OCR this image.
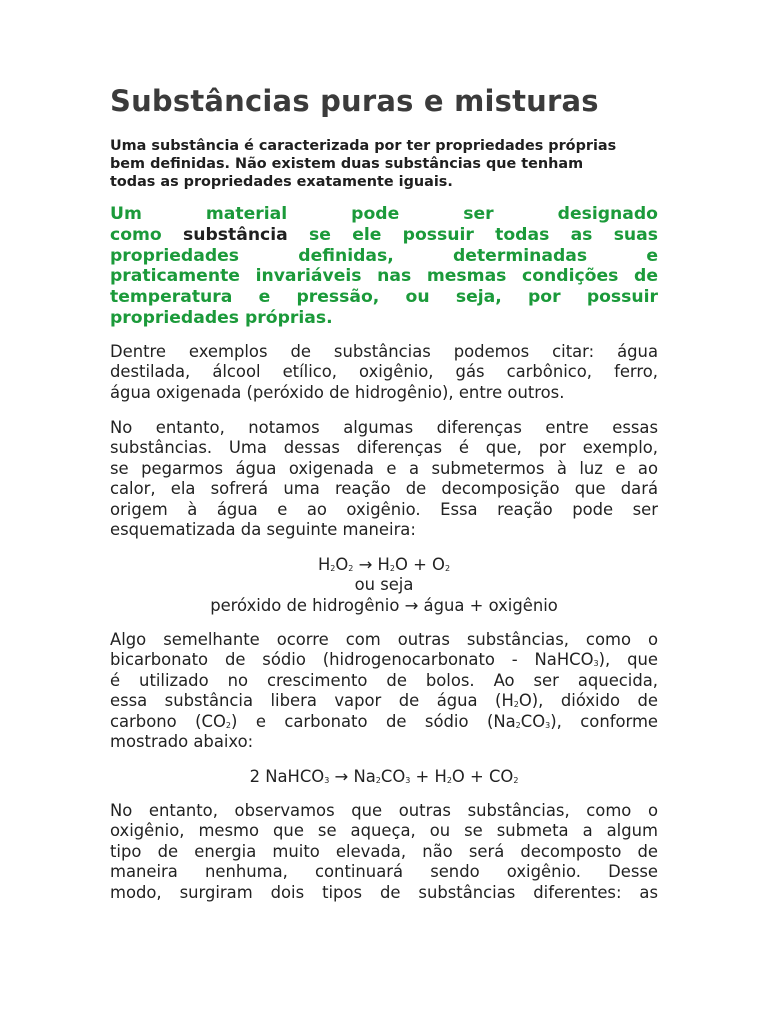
Substâncias puras e misturas

Uma substância é caracterizada por ter propriedades próprias
bem definidas. Não existem duas substâncias que tenham
todas as propriedades exatamente iguais.

Um material pode ser designado
como substância se ele possuir todas as suas
propriedades definidas, determinadas e
praticamente invariáveis nas mesmas condições de
temperatura e pressão, ou seja, por possuir
propriedades próprias.

Dentre exemplos de substâncias podemos citar: água
destilada, álcool etílico, oxigênio, gás carbônico, ferro,
água oxigenada (peróxido de hidrogênio), entre outros.

No entanto, notamos algumas diferenças entre essas
substâncias. Uma dessas diferenças é que, por exemplo,
se pegarmos água oxigenada e a submetermos à luz e ao
calor, ela sofrerá uma reação de decomposição que dará
origem à água e ao oxigênio. Essa reação pode ser
esquematizada da seguinte maneira:

$H_2O_2 \to H_2O + O_2$
ou seja
peróxido de hidrogênio → água + oxigênio

Algo semelhante ocorre com outras substâncias, como o
bicarbonato de sódio (hidrogenocarbonato - NaHCO$_3$), que
é utilizado no crescimento de bolos. Ao ser aquecida,
essa substância libera vapor de água $(H_2O)$, dióxido de
carbono $(CO_2)$ e carbonato de sódio $(Na_2CO_3)$, conforme
mostrado abaixo:

2 NaHCO$_3$ → $Na_2CO_3 + H_2O + CO_2$

No entanto, observamos que outras substâncias, como o
oxigênio, mesmo que se aqueça, ou se submeta a algum
tipo de energia muito elevada, não será decomposto de
maneira nenhuma, continuará sendo oxigênio. Desse
modo, surgiram dois tipos de substâncias diferentes: as
